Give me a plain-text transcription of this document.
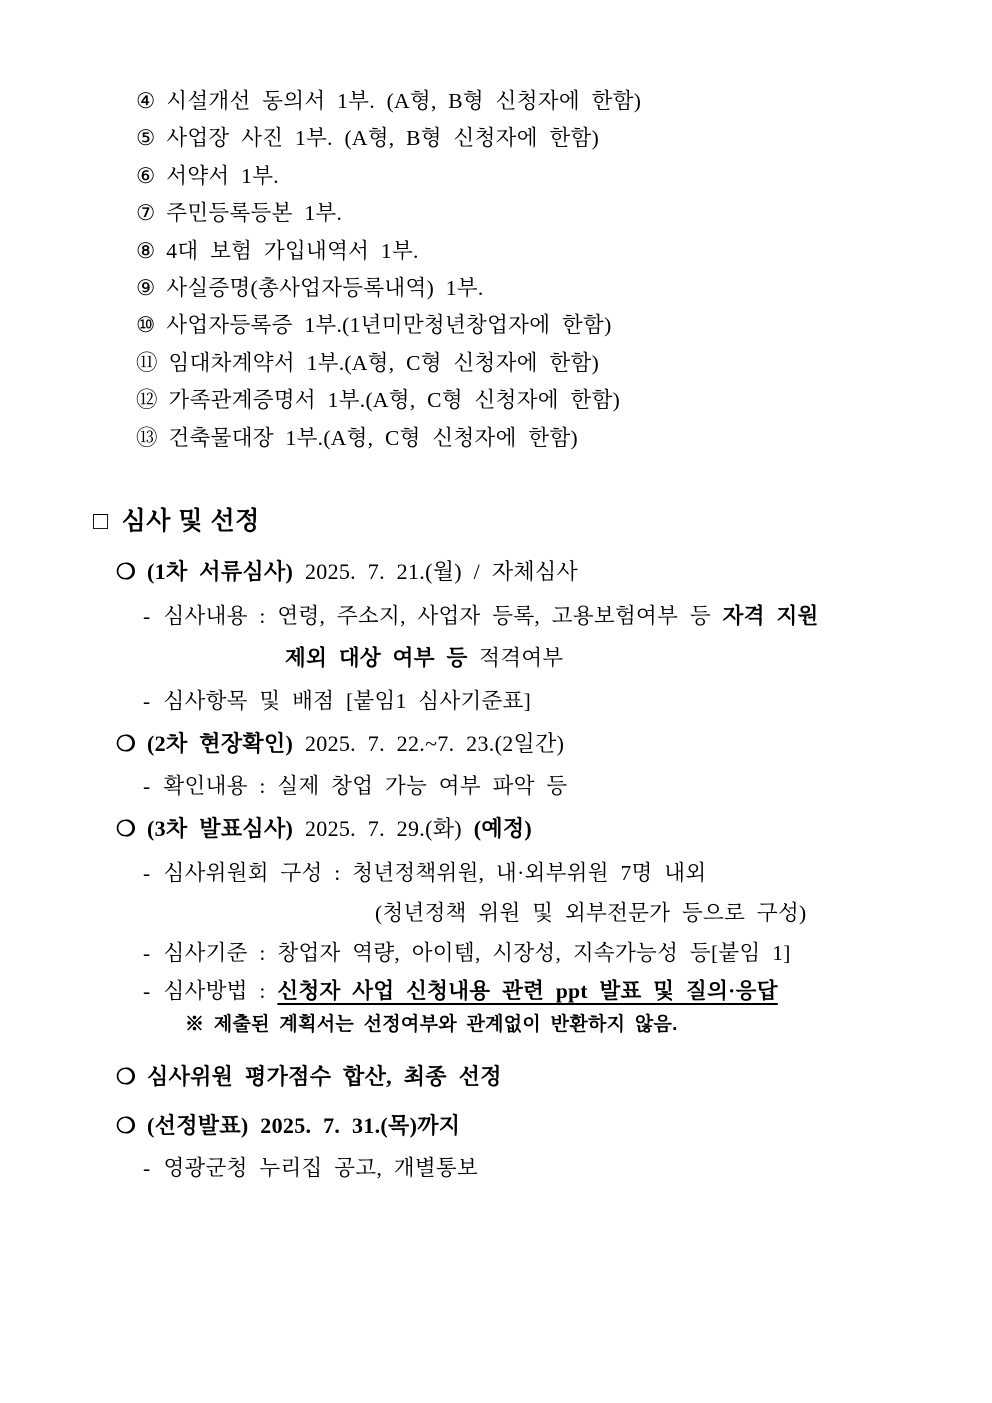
④ 시설개선 동의서 1부. (A형, B형 신청자에 한함)
⑤ 사업장 사진 1부. (A형, B형 신청자에 한함)
⑥ 서약서 1부.
⑦ 주민등록등본 1부.
⑧ 4대 보험 가입내역서 1부.
⑨ 사실증명(총사업자등록내역) 1부.
⑩ 사업자등록증 1부.(1년미만청년창업자에 한함)
⑪ 임대차계약서 1부.(A형, C형 신청자에 한함)
⑫ 가족관계증명서 1부.(A형, C형 신청자에 한함)
⑬ 건축물대장 1부.(A형, C형 신청자에 한함)
□ 심사 및 선정
❍ (1차 서류심사) 2025. 7. 21.(월) / 자체심사
- 심사내용 : 연령, 주소지, 사업자 등록, 고용보험여부 등 자격 지원
제외 대상 여부 등 적격여부
- 심사항목 및 배점 [붙임1 심사기준표]
❍ (2차 현장확인) 2025. 7. 22.~7. 23.(2일간)
- 확인내용 : 실제 창업 가능 여부 파악 등
❍ (3차 발표심사) 2025. 7. 29.(화) (예정)
- 심사위원회 구성 : 청년정책위원, 내·외부위원 7명 내외
(청년정책 위원 및 외부전문가 등으로 구성)
- 심사기준 : 창업자 역량, 아이템, 시장성, 지속가능성 등[붙임 1]
- 심사방법 : 신청자 사업 신청내용 관련 ppt 발표 및 질의·응답
※ 제출된 계획서는 선정여부와 관계없이 반환하지 않음.
❍ 심사위원 평가점수 합산, 최종 선정
❍ (선정발표) 2025. 7. 31.(목)까지
- 영광군청 누리집 공고, 개별통보
